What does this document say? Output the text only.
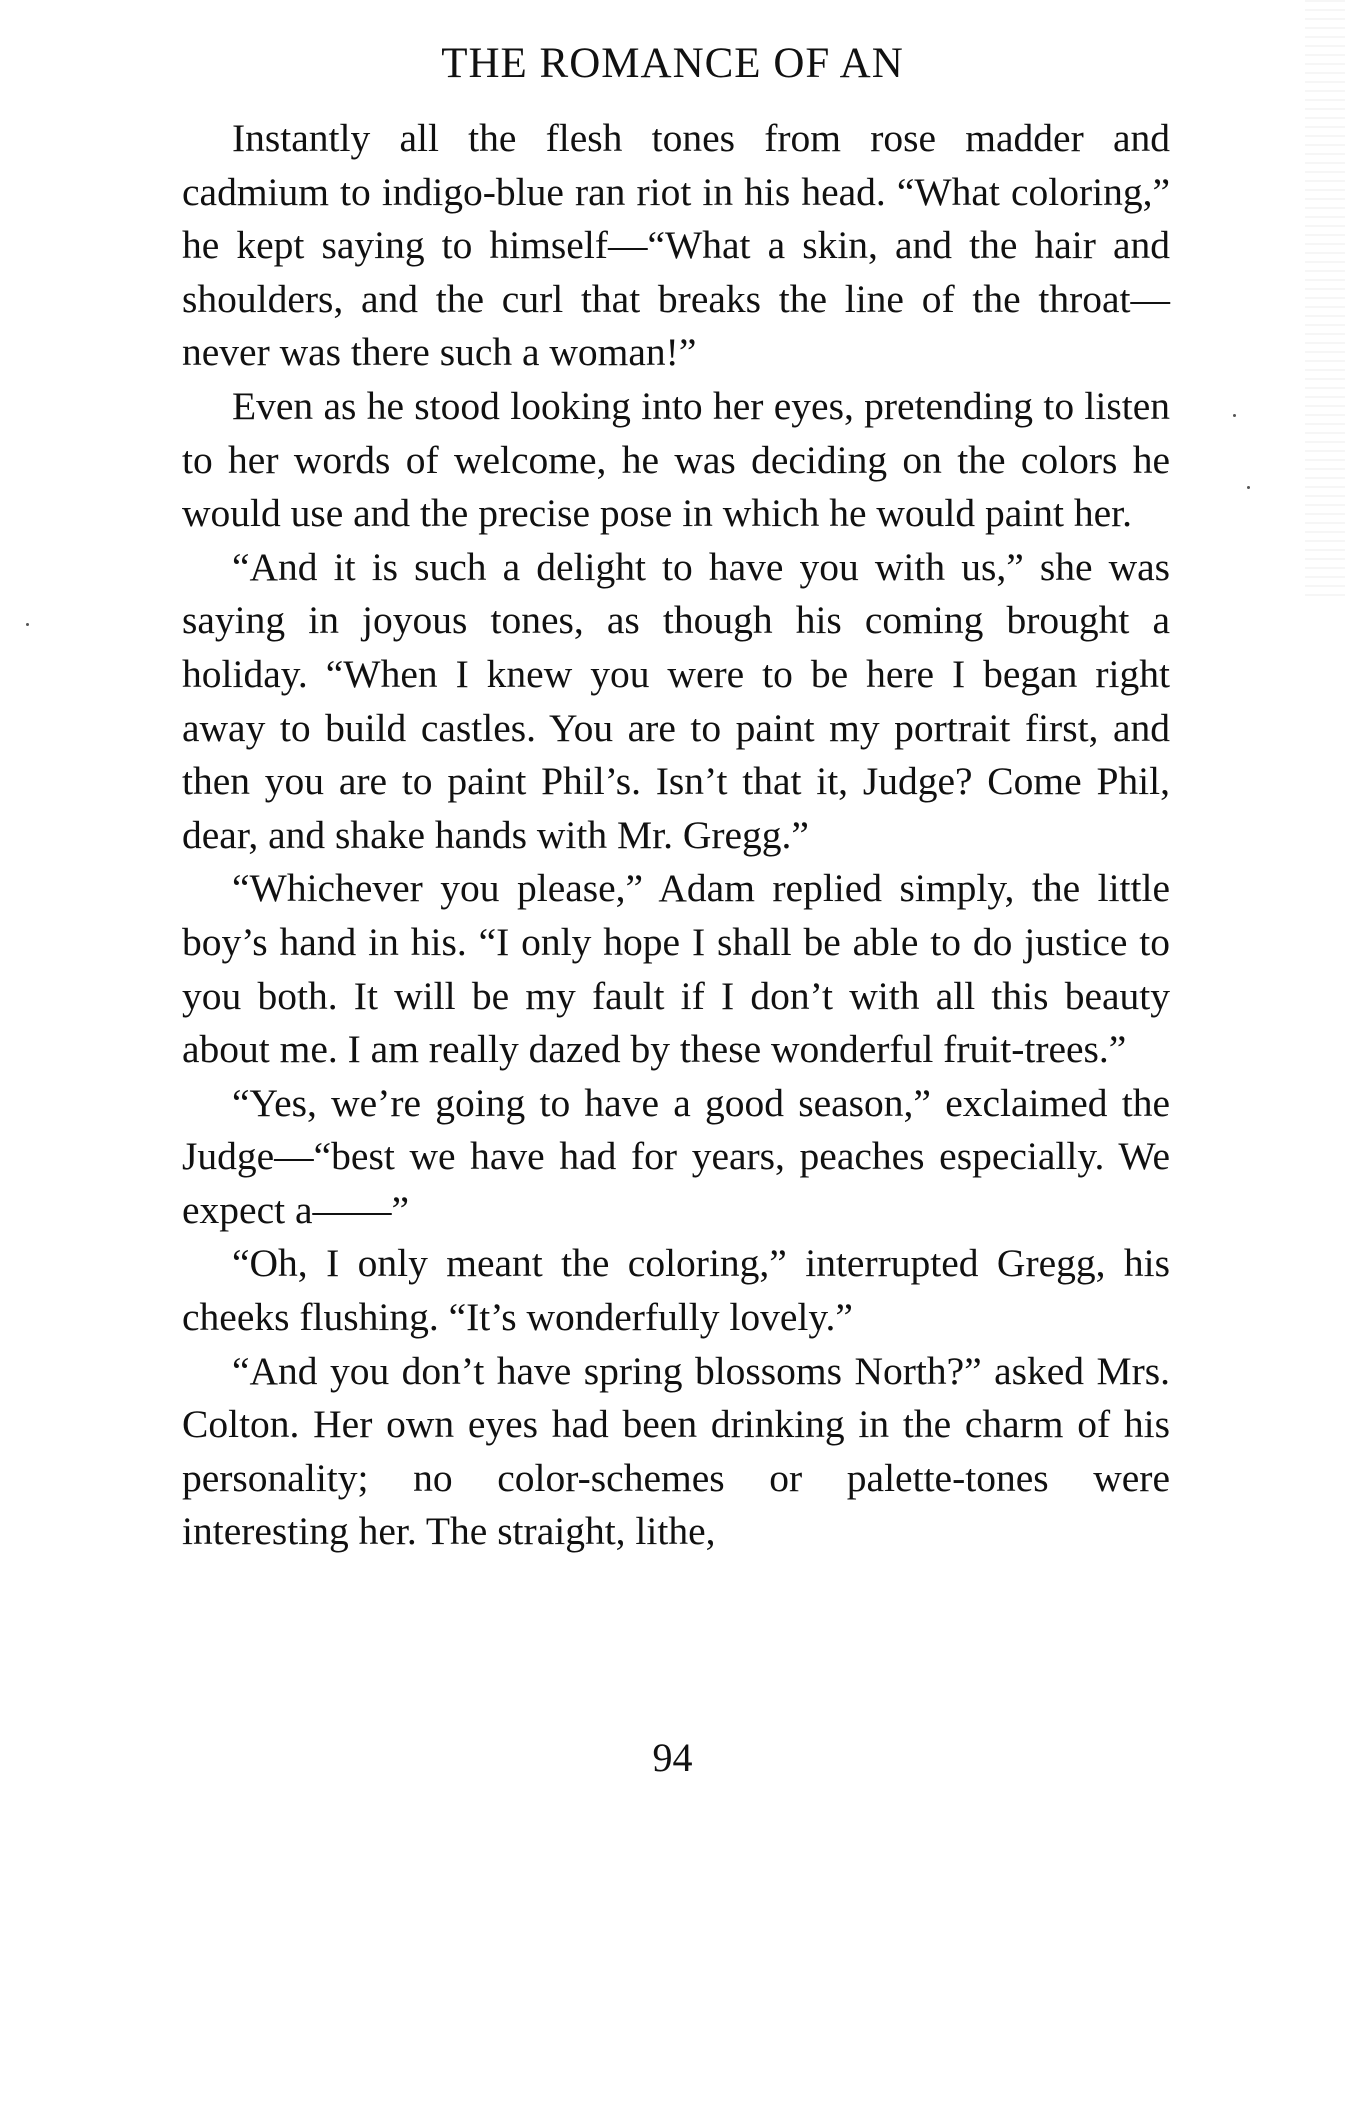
THE ROMANCE OF AN

Instantly all the flesh tones from rose madder and cadmium to indigo-blue ran riot in his head. “What coloring,” he kept saying to himself—“What a skin, and the hair and shoulders, and the curl that breaks the line of the throat—never was there such a woman!”

Even as he stood looking into her eyes, pretending to listen to her words of welcome, he was deciding on the colors he would use and the precise pose in which he would paint her.

“And it is such a delight to have you with us,” she was saying in joyous tones, as though his coming brought a holiday. “When I knew you were to be here I began right away to build castles. You are to paint my portrait first, and then you are to paint Phil’s. Isn’t that it, Judge? Come Phil, dear, and shake hands with Mr. Gregg.”

“Whichever you please,” Adam replied simply, the little boy’s hand in his. “I only hope I shall be able to do justice to you both. It will be my fault if I don’t with all this beauty about me. I am really dazed by these wonderful fruit-trees.”

“Yes, we’re going to have a good season,” exclaimed the Judge—“best we have had for years, peaches especially. We expect a——”

“Oh, I only meant the coloring,” interrupted Gregg, his cheeks flushing. “It’s wonderfully lovely.”

“And you don’t have spring blossoms North?” asked Mrs. Colton. Her own eyes had been drinking in the charm of his personality; no color-schemes or palette-tones were interesting her. The straight, lithe,

94
